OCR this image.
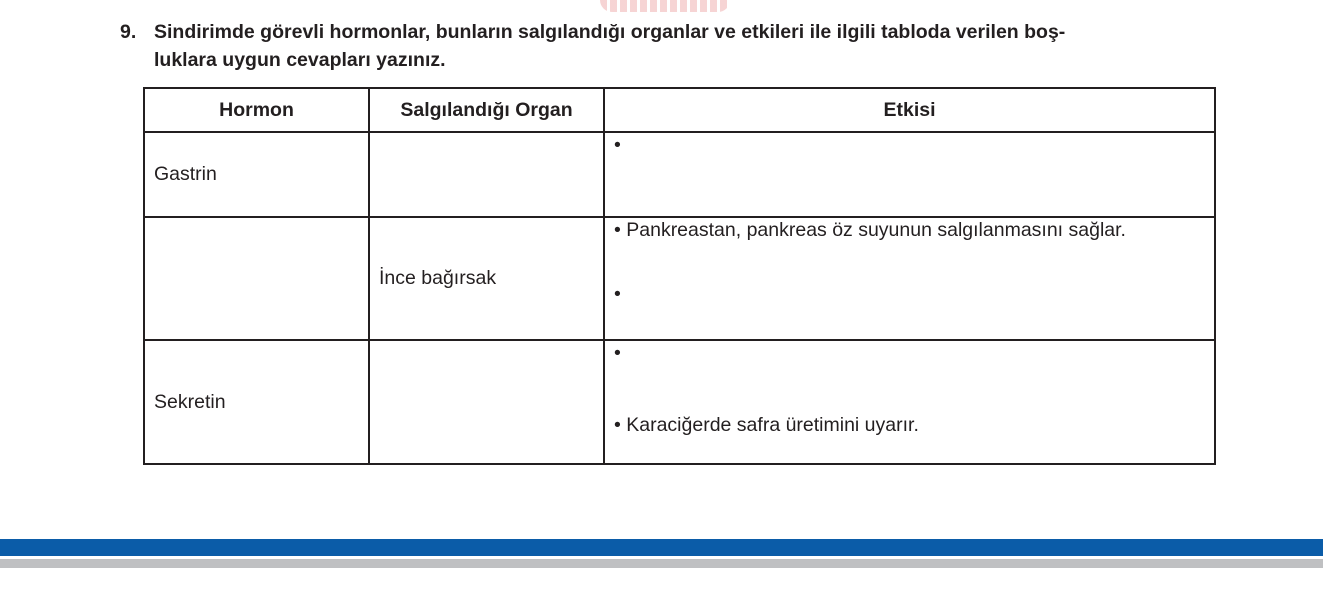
9. Sindirimde görevli hormonlar, bunların salgılandığı organlar ve etkileri ile ilgili tabloda verilen boş-
luklara uygun cevapları yazınız.
Hormon	Salgılandığı Organ	Etkisi
Gastrin		•

	İnce bağırsak	• Pankreastan, pankreas öz suyunun salgılanmasını sağlar.
•

Sekretin		•
• Karaciğerde safra üretimini uyarır.
